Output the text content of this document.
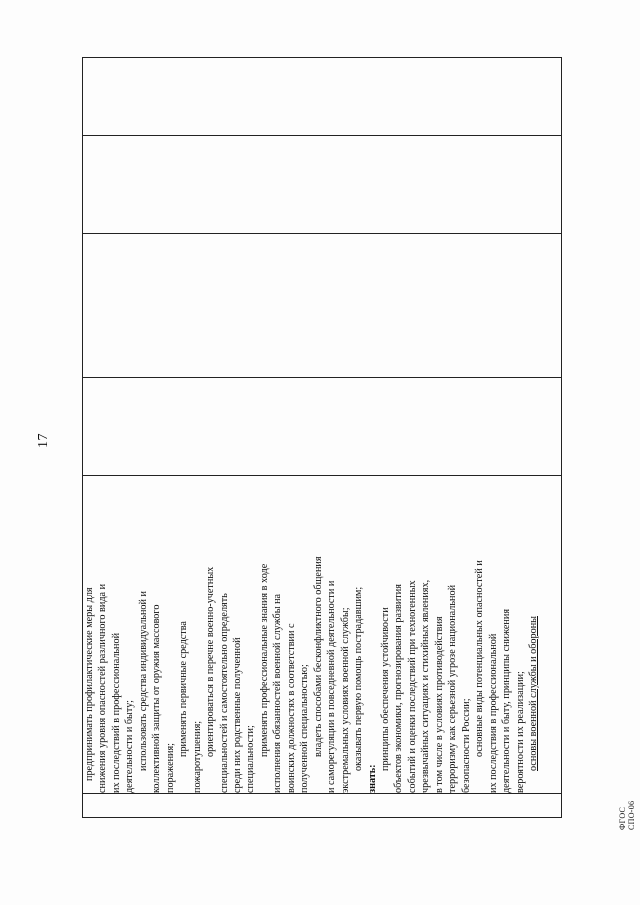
17

предпринимать профилактические меры для снижения уровня опасностей различного вида и их последствий в профессиональной деятельности и быту; использовать средства индивидуальной и коллективной защиты от оружия массового поражения;
применять первичные средства пожаротушения; ориентироваться в перечне военно-учетных специальностей и самостоятельно определять среди них родственные полученной специальности;
применять профессиональные знания в ходе исполнения обязанностей военной службы на воинских должностях в соответствии с полученной специальностью; владеть способами бесконфликтного общения и саморегуляции в повседневной деятельности и экстремальных условиях военной службы; оказывать первую помощь пострадавшим;
знать:
принципы обеспечения устойчивости объектов экономики, прогнозирования развития событий и оценки последствий при техногенных чрезвычайных ситуациях и стихийных явлениях, в том числе в условиях противодействия терроризму как серьезной угрозе национальной безопасности России; основные виды потенциальных опасностей и их последствия в профессиональной деятельности и быту, принципы снижения вероятности их реализации; основы военной службы и обороны

ФГОС СПО-06
